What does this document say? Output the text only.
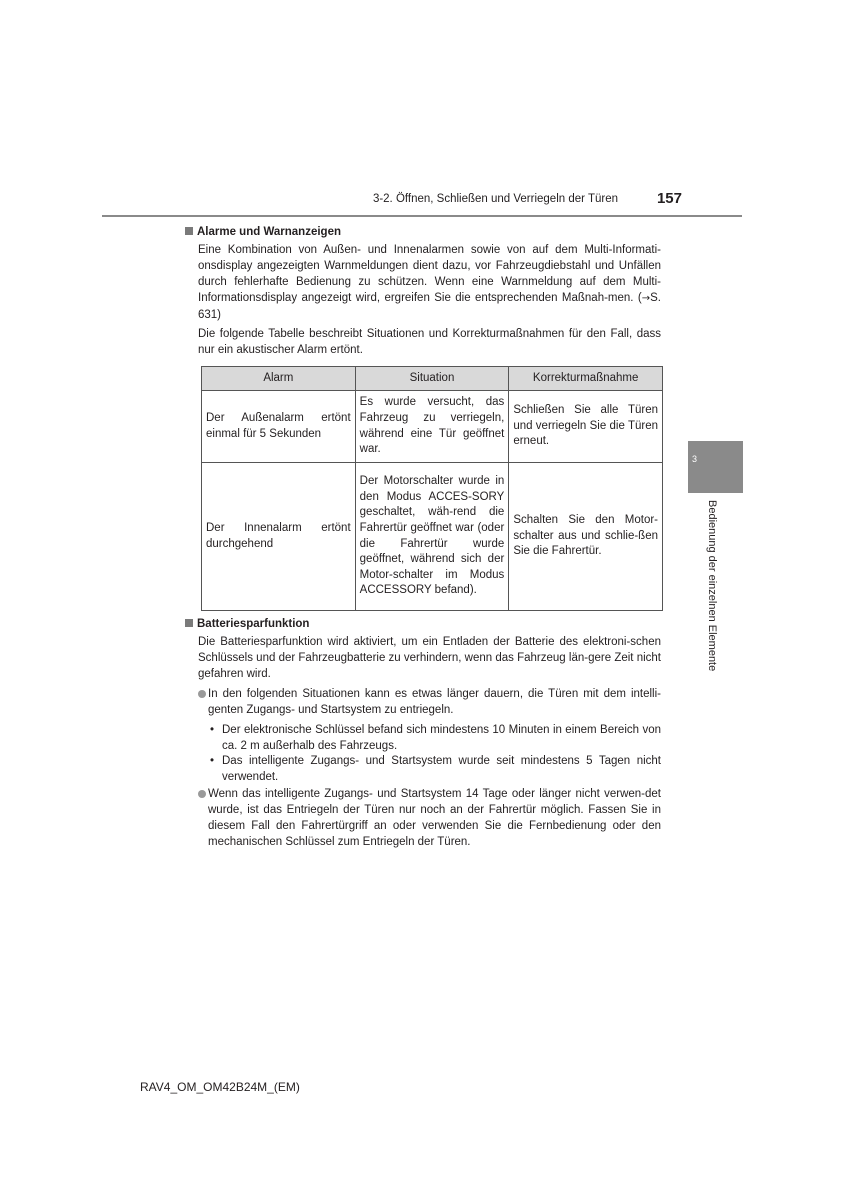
3-2. Öffnen, Schließen und Verriegeln der Türen	157
3
Bedienung der einzelnen Elemente
Alarme und Warnanzeigen
Eine Kombination von Außen- und Innenalarmen sowie von auf dem Multi-Informati-onsdisplay angezeigten Warnmeldungen dient dazu, vor Fahrzeugdiebstahl und Unfällen durch fehlerhafte Bedienung zu schützen. Wenn eine Warnmeldung auf dem Multi-Informationsdisplay angezeigt wird, ergreifen Sie die entsprechenden Maßnah-men. (→S. 631)
Die folgende Tabelle beschreibt Situationen und Korrekturmaßnahmen für den Fall, dass nur ein akustischer Alarm ertönt.
Alarm	Situation	Korrekturmaßnahme
Der Außenalarm ertönt einmal für 5 Sekunden	Es wurde versucht, das Fahrzeug zu verriegeln, während eine Tür geöffnet war.	Schließen Sie alle Türen und verriegeln Sie die Türen erneut.
Der Innenalarm ertönt durchgehend	Der Motorschalter wurde in den Modus ACCES-SORY geschaltet, wäh-rend die Fahrertür geöffnet war (oder die Fahrertür wurde geöffnet, während sich der Motor-schalter im Modus ACCESSORY befand).	Schalten Sie den Motor-schalter aus und schlie-ßen Sie die Fahrertür.
Batteriesparfunktion
Die Batteriesparfunktion wird aktiviert, um ein Entladen der Batterie des elektroni-schen Schlüssels und der Fahrzeugbatterie zu verhindern, wenn das Fahrzeug län-gere Zeit nicht gefahren wird.
In den folgenden Situationen kann es etwas länger dauern, die Türen mit dem intelli-genten Zugangs- und Startsystem zu entriegeln.
• Der elektronische Schlüssel befand sich mindestens 10 Minuten in einem Bereich von ca. 2 m außerhalb des Fahrzeugs.
• Das intelligente Zugangs- und Startsystem wurde seit mindestens 5 Tagen nicht verwendet.
Wenn das intelligente Zugangs- und Startsystem 14 Tage oder länger nicht verwen-det wurde, ist das Entriegeln der Türen nur noch an der Fahrertür möglich. Fassen Sie in diesem Fall den Fahrertürgriff an oder verwenden Sie die Fernbedienung oder den mechanischen Schlüssel zum Entriegeln der Türen.
RAV4_OM_OM42B24M_(EM)
